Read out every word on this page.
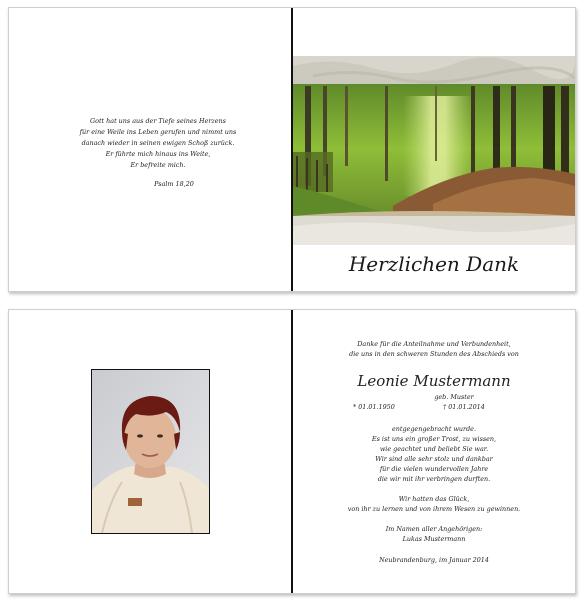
Gott hat uns aus der Tiefe seines Herzens
für eine Weile ins Leben gerufen und nimmt uns
danach wieder in seinen ewigen Schoß zurück.
Er führte mich hinaus ins Weite,
Er befreite mich.
Psalm 18,20
Herzlichen Dank
Danke für die Anteilnahme und Verbundenheit,
die uns in den schweren Stunden des Abschieds von
Leonie Mustermann
geb. Muster
* 01.01.1950	† 01.01.2014
entgegengebracht wurde.
Es ist uns ein großer Trost, zu wissen,
wie geachtet und beliebt Sie war.
Wir sind alle sehr stolz und dankbar
für die vielen wundervollen Jahre
die wir mit ihr verbringen durften.
Wir hatten das Glück,
von ihr zu lernen und von ihrem Wesen zu gewinnen.
Im Namen aller Angehörigen:
Lukas Mustermann
Neubrandenburg, im Januar 2014
